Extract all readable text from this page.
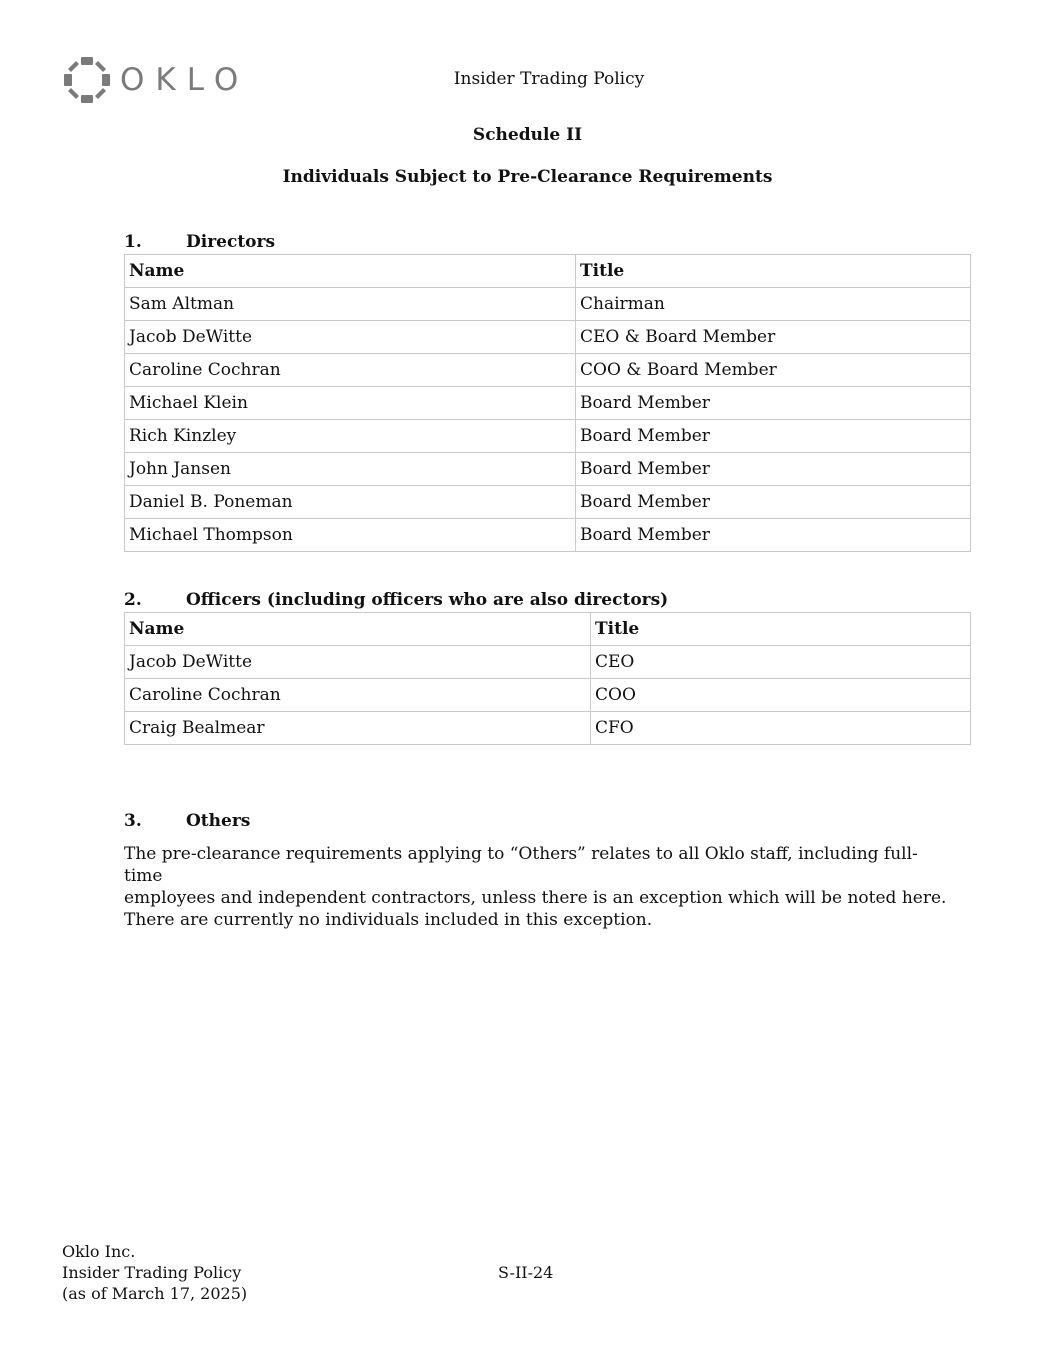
OKLO	Insider Trading Policy
Schedule II
Individuals Subject to Pre-Clearance Requirements
1.	Directors
Name	Title
Sam Altman	Chairman
Jacob DeWitte	CEO & Board Member
Caroline Cochran	COO & Board Member
Michael Klein	Board Member
Rich Kinzley	Board Member
John Jansen	Board Member
Daniel B. Poneman	Board Member
Michael Thompson	Board Member
2.	Officers (including officers who are also directors)
Name	Title
Jacob DeWitte	CEO
Caroline Cochran	COO
Craig Bealmear	CFO
3.	Others
The pre-clearance requirements applying to “Others” relates to all Oklo staff, including full-time
employees and independent contractors, unless there is an exception which will be noted here.
There are currently no individuals included in this exception.
Oklo Inc.
Insider Trading Policy
(as of March 17, 2025)
S-II-24
